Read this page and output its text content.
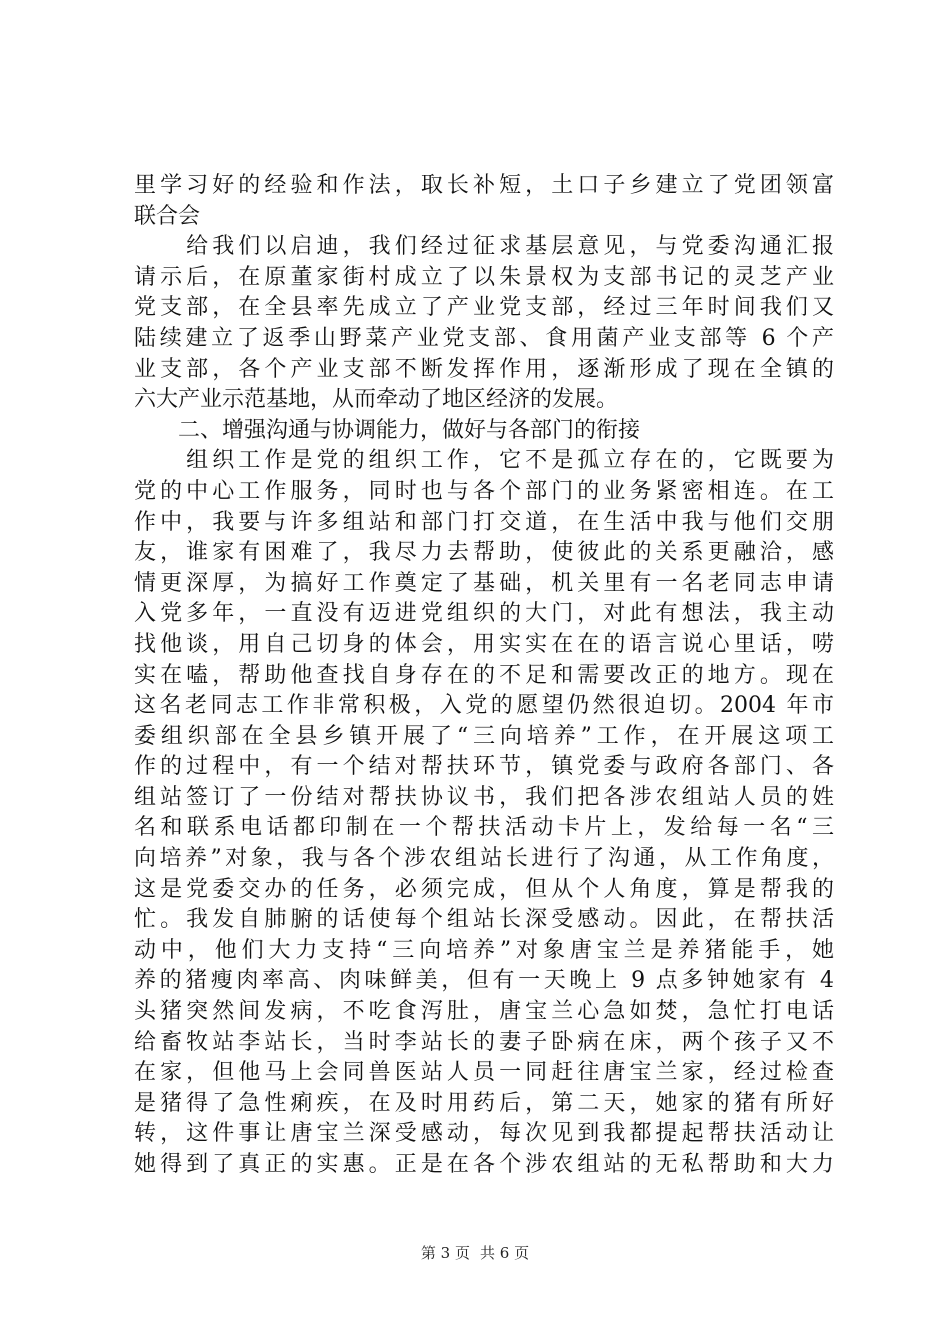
里学习好的经验和作法，取长补短，土口子乡建立了党团领富
联合会
　　给我们以启迪，我们经过征求基层意见，与党委沟通汇报
请示后，在原董家街村成立了以朱景权为支部书记的灵芝产业
党支部，在全县率先成立了产业党支部，经过三年时间我们又
陆续建立了返季山野菜产业党支部、食用菌产业支部等 6 个产
业支部，各个产业支部不断发挥作用，逐渐形成了现在全镇的
六大产业示范基地，从而牵动了地区经济的发展。
　　二、增强沟通与协调能力，做好与各部门的衔接
　　组织工作是党的组织工作，它不是孤立存在的，它既要为
党的中心工作服务，同时也与各个部门的业务紧密相连。在工
作中，我要与许多组站和部门打交道，在生活中我与他们交朋
友，谁家有困难了，我尽力去帮助，使彼此的关系更融洽，感
情更深厚，为搞好工作奠定了基础，机关里有一名老同志申请
入党多年，一直没有迈进党组织的大门，对此有想法，我主动
找他谈，用自己切身的体会，用实实在在的语言说心里话，唠
实在嗑，帮助他查找自身存在的不足和需要改正的地方。现在
这名老同志工作非常积极，入党的愿望仍然很迫切。2004 年市
委组织部在全县乡镇开展了“三向培养”工作，在开展这项工
作的过程中，有一个结对帮扶环节，镇党委与政府各部门、各
组站签订了一份结对帮扶协议书，我们把各涉农组站人员的姓
名和联系电话都印制在一个帮扶活动卡片上，发给每一名“三
向培养”对象，我与各个涉农组站长进行了沟通，从工作角度，
这是党委交办的任务，必须完成，但从个人角度，算是帮我的
忙。我发自肺腑的话使每个组站长深受感动。因此，在帮扶活
动中，他们大力支持“三向培养”对象唐宝兰是养猪能手，她
养的猪瘦肉率高、肉味鲜美，但有一天晚上 9 点多钟她家有 4
头猪突然间发病，不吃食泻肚，唐宝兰心急如焚，急忙打电话
给畜牧站李站长，当时李站长的妻子卧病在床，两个孩子又不
在家，但他马上会同兽医站人员一同赶往唐宝兰家，经过检查
是猪得了急性痢疾，在及时用药后，第二天，她家的猪有所好
转，这件事让唐宝兰深受感动，每次见到我都提起帮扶活动让
她得到了真正的实惠。正是在各个涉农组站的无私帮助和大力
第 3 页 共 6 页
